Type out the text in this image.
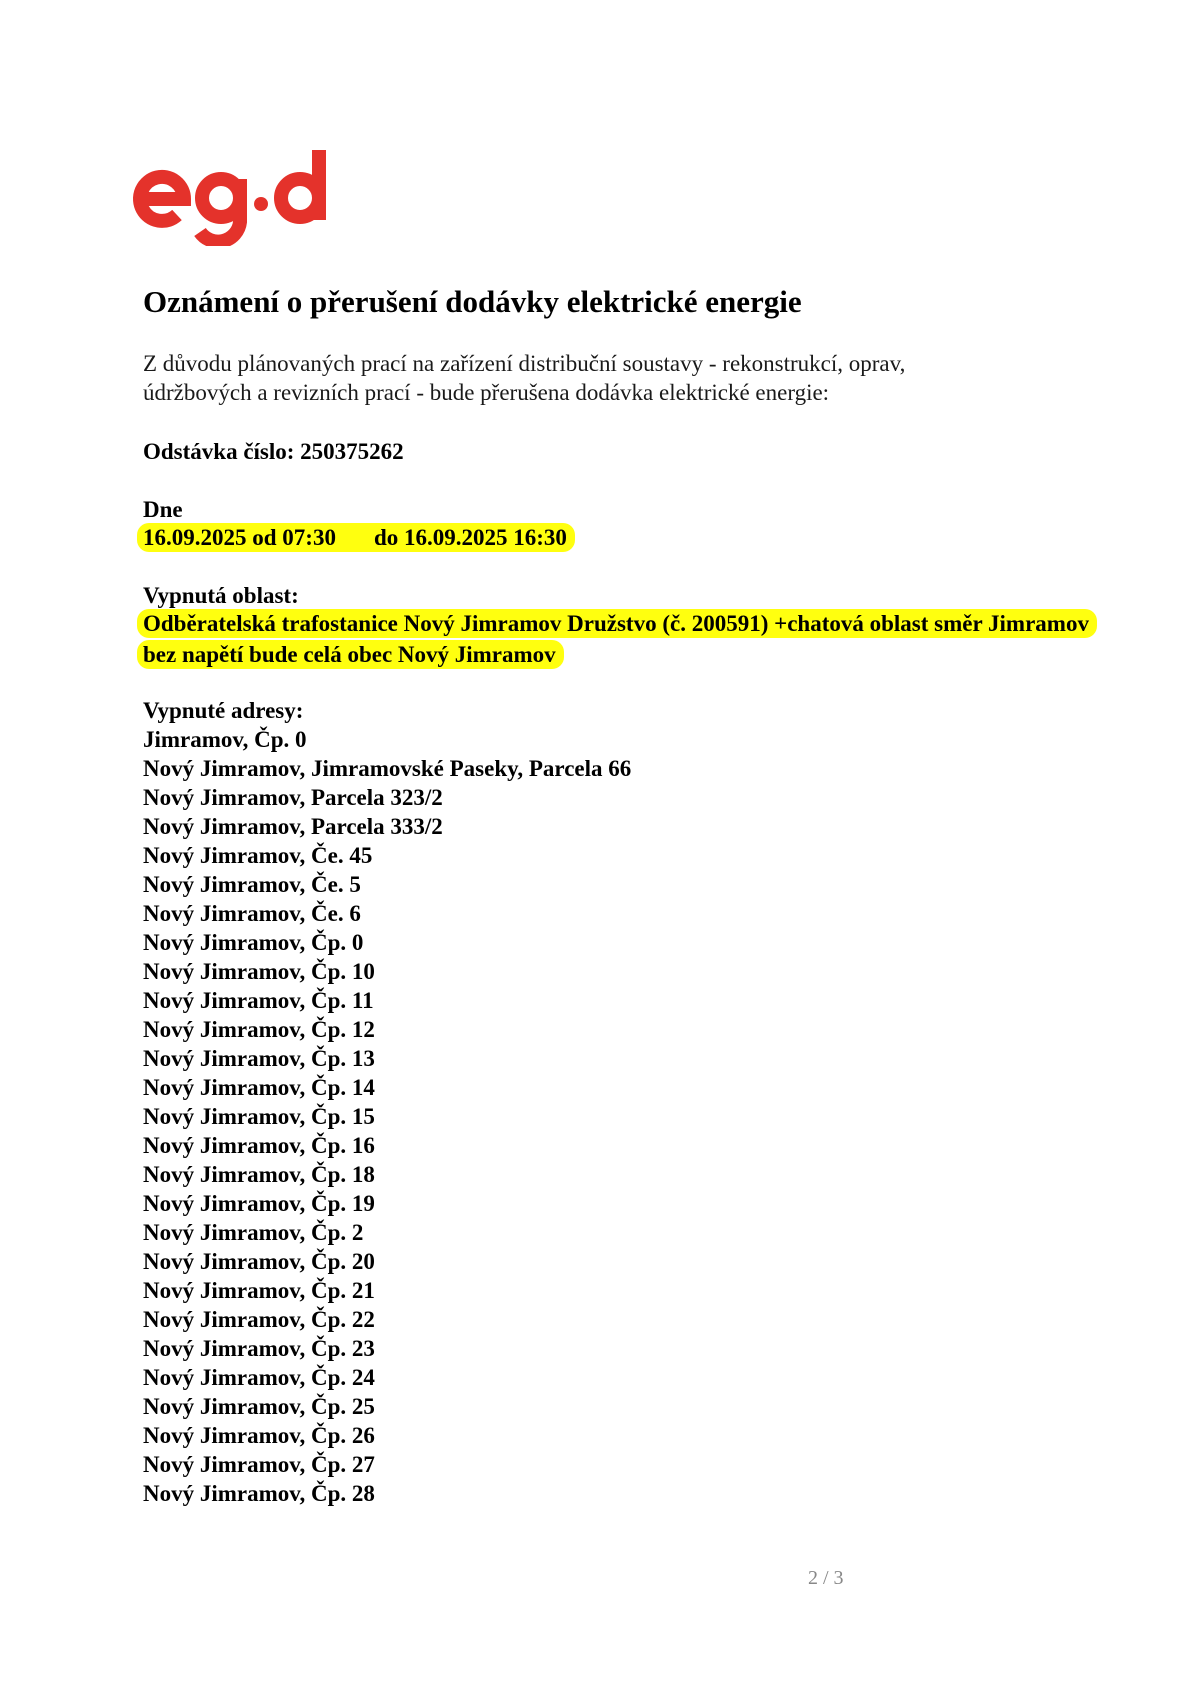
Oznámení o přerušení dodávky elektrické energie

Z důvodu plánovaných prací na zařízení distribuční soustavy - rekonstrukcí, oprav,
údržbových a revizních prací - bude přerušena dodávka elektrické energie:

Odstávka číslo: 250375262

Dne

16.09.2025 od 07:30 do 16.09.2025 16:30

Vypnutá oblast:

Odběratelská trafostanice Nový Jimramov Družstvo (č. 200591) +chatová oblast směr Jimramov
bez napětí bude celá obec Nový Jimramov

Vypnuté adresy:

Jimramov, Čp. 0
Nový Jimramov, Jimramovské Paseky, Parcela 66
Nový Jimramov, Parcela 323/2
Nový Jimramov, Parcela 333/2
Nový Jimramov, Če. 45
Nový Jimramov, Če. 5
Nový Jimramov, Če. 6
Nový Jimramov, Čp. 0
Nový Jimramov, Čp. 10
Nový Jimramov, Čp. 11
Nový Jimramov, Čp. 12
Nový Jimramov, Čp. 13
Nový Jimramov, Čp. 14
Nový Jimramov, Čp. 15
Nový Jimramov, Čp. 16
Nový Jimramov, Čp. 18
Nový Jimramov, Čp. 19
Nový Jimramov, Čp. 2
Nový Jimramov, Čp. 20
Nový Jimramov, Čp. 21
Nový Jimramov, Čp. 22
Nový Jimramov, Čp. 23
Nový Jimramov, Čp. 24
Nový Jimramov, Čp. 25
Nový Jimramov, Čp. 26
Nový Jimramov, Čp. 27
Nový Jimramov, Čp. 28
2 / 3
